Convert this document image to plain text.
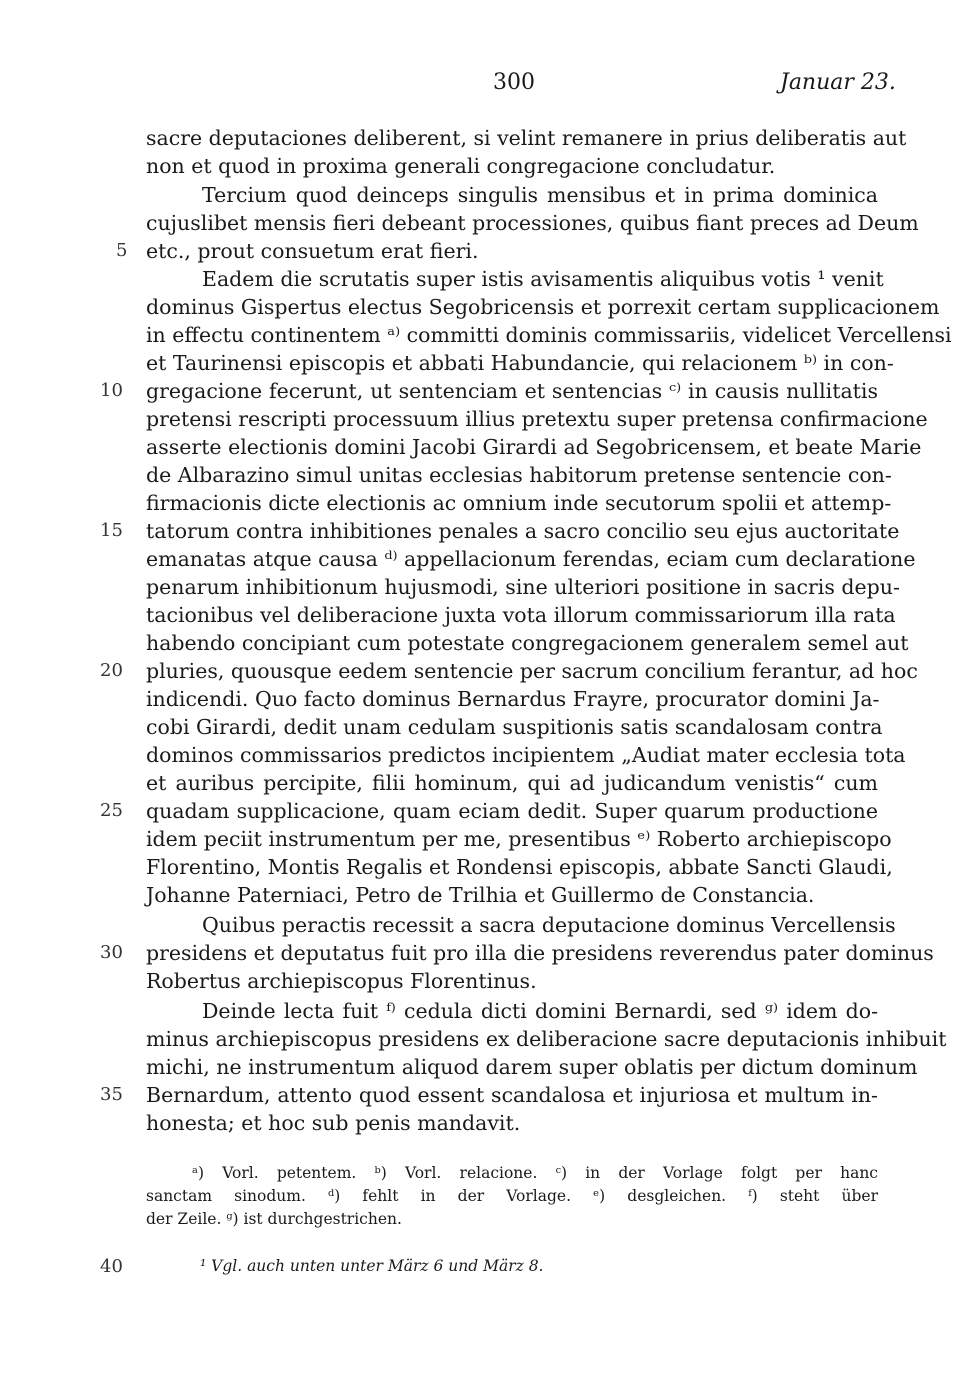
300	Januar 23.
sacre deputaciones deliberent, si velint remanere in prius deliberatis aut
non et quod in proxima generali congregacione concludatur.
Tercium quod deinceps singulis mensibus et in prima dominica
cujuslibet mensis fieri debeant processiones, quibus fiant preces ad Deum
etc., prout consuetum erat fieri.
Eadem die scrutatis super istis avisamentis aliquibus votis ¹ venit
dominus Gispertus electus Segobricensis et porrexit certam supplicacionem
in effectu continentem ᵃ⁾ committi dominis commissariis, videlicet Vercellensi
et Taurinensi episcopis et abbati Habundancie, qui relacionem ᵇ⁾ in con-
gregacione fecerunt, ut sentenciam et sentencias ᶜ⁾ in causis nullitatis
pretensi rescripti processuum illius pretextu super pretensa confirmacione
asserte electionis domini Jacobi Girardi ad Segobricensem, et beate Marie
de Albarazino simul unitas ecclesias habitorum pretense sentencie con-
firmacionis dicte electionis ac omnium inde secutorum spolii et attemp-
tatorum contra inhibitiones penales a sacro concilio seu ejus auctoritate
emanatas atque causa ᵈ⁾ appellacionum ferendas, eciam cum declaratione
penarum inhibitionum hujusmodi, sine ulteriori positione in sacris depu-
tacionibus vel deliberacione juxta vota illorum commissariorum illa rata
habendo concipiant cum potestate congregacionem generalem semel aut
pluries, quousque eedem sentencie per sacrum concilium ferantur, ad hoc
indicendi. Quo facto dominus Bernardus Frayre, procurator domini Ja-
cobi Girardi, dedit unam cedulam suspitionis satis scandalosam contra
dominos commissarios predictos incipientem „Audiat mater ecclesia tota
et auribus percipite, filii hominum, qui ad judicandum venistis“ cum
quadam supplicacione, quam eciam dedit. Super quarum productione
idem peciit instrumentum per me, presentibus ᵉ⁾ Roberto archiepiscopo
Florentino, Montis Regalis et Rondensi episcopis, abbate Sancti Glaudi,
Johanne Paterniaci, Petro de Trilhia et Guillermo de Constancia.
Quibus peractis recessit a sacra deputacione dominus Vercellensis
presidens et deputatus fuit pro illa die presidens reverendus pater dominus
Robertus archiepiscopus Florentinus.
Deinde lecta fuit ᶠ⁾ cedula dicti domini Bernardi, sed ᵍ⁾ idem do-
minus archiepiscopus presidens ex deliberacione sacre deputacionis inhibuit
michi, ne instrumentum aliquod darem super oblatis per dictum dominum
Bernardum, attento quod essent scandalosa et injuriosa et multum in-
honesta; et hoc sub penis mandavit.
5
10
15
20
25
30
35
40
ᵃ) Vorl. petentem. ᵇ) Vorl. relacione. ᶜ) in der Vorlage folgt per hanc
sanctam sinodum. ᵈ) fehlt in der Vorlage. ᵉ) desgleichen. ᶠ) steht über
der Zeile. ᵍ) ist durchgestrichen.
¹ Vgl. auch unten unter März 6 und März 8.
